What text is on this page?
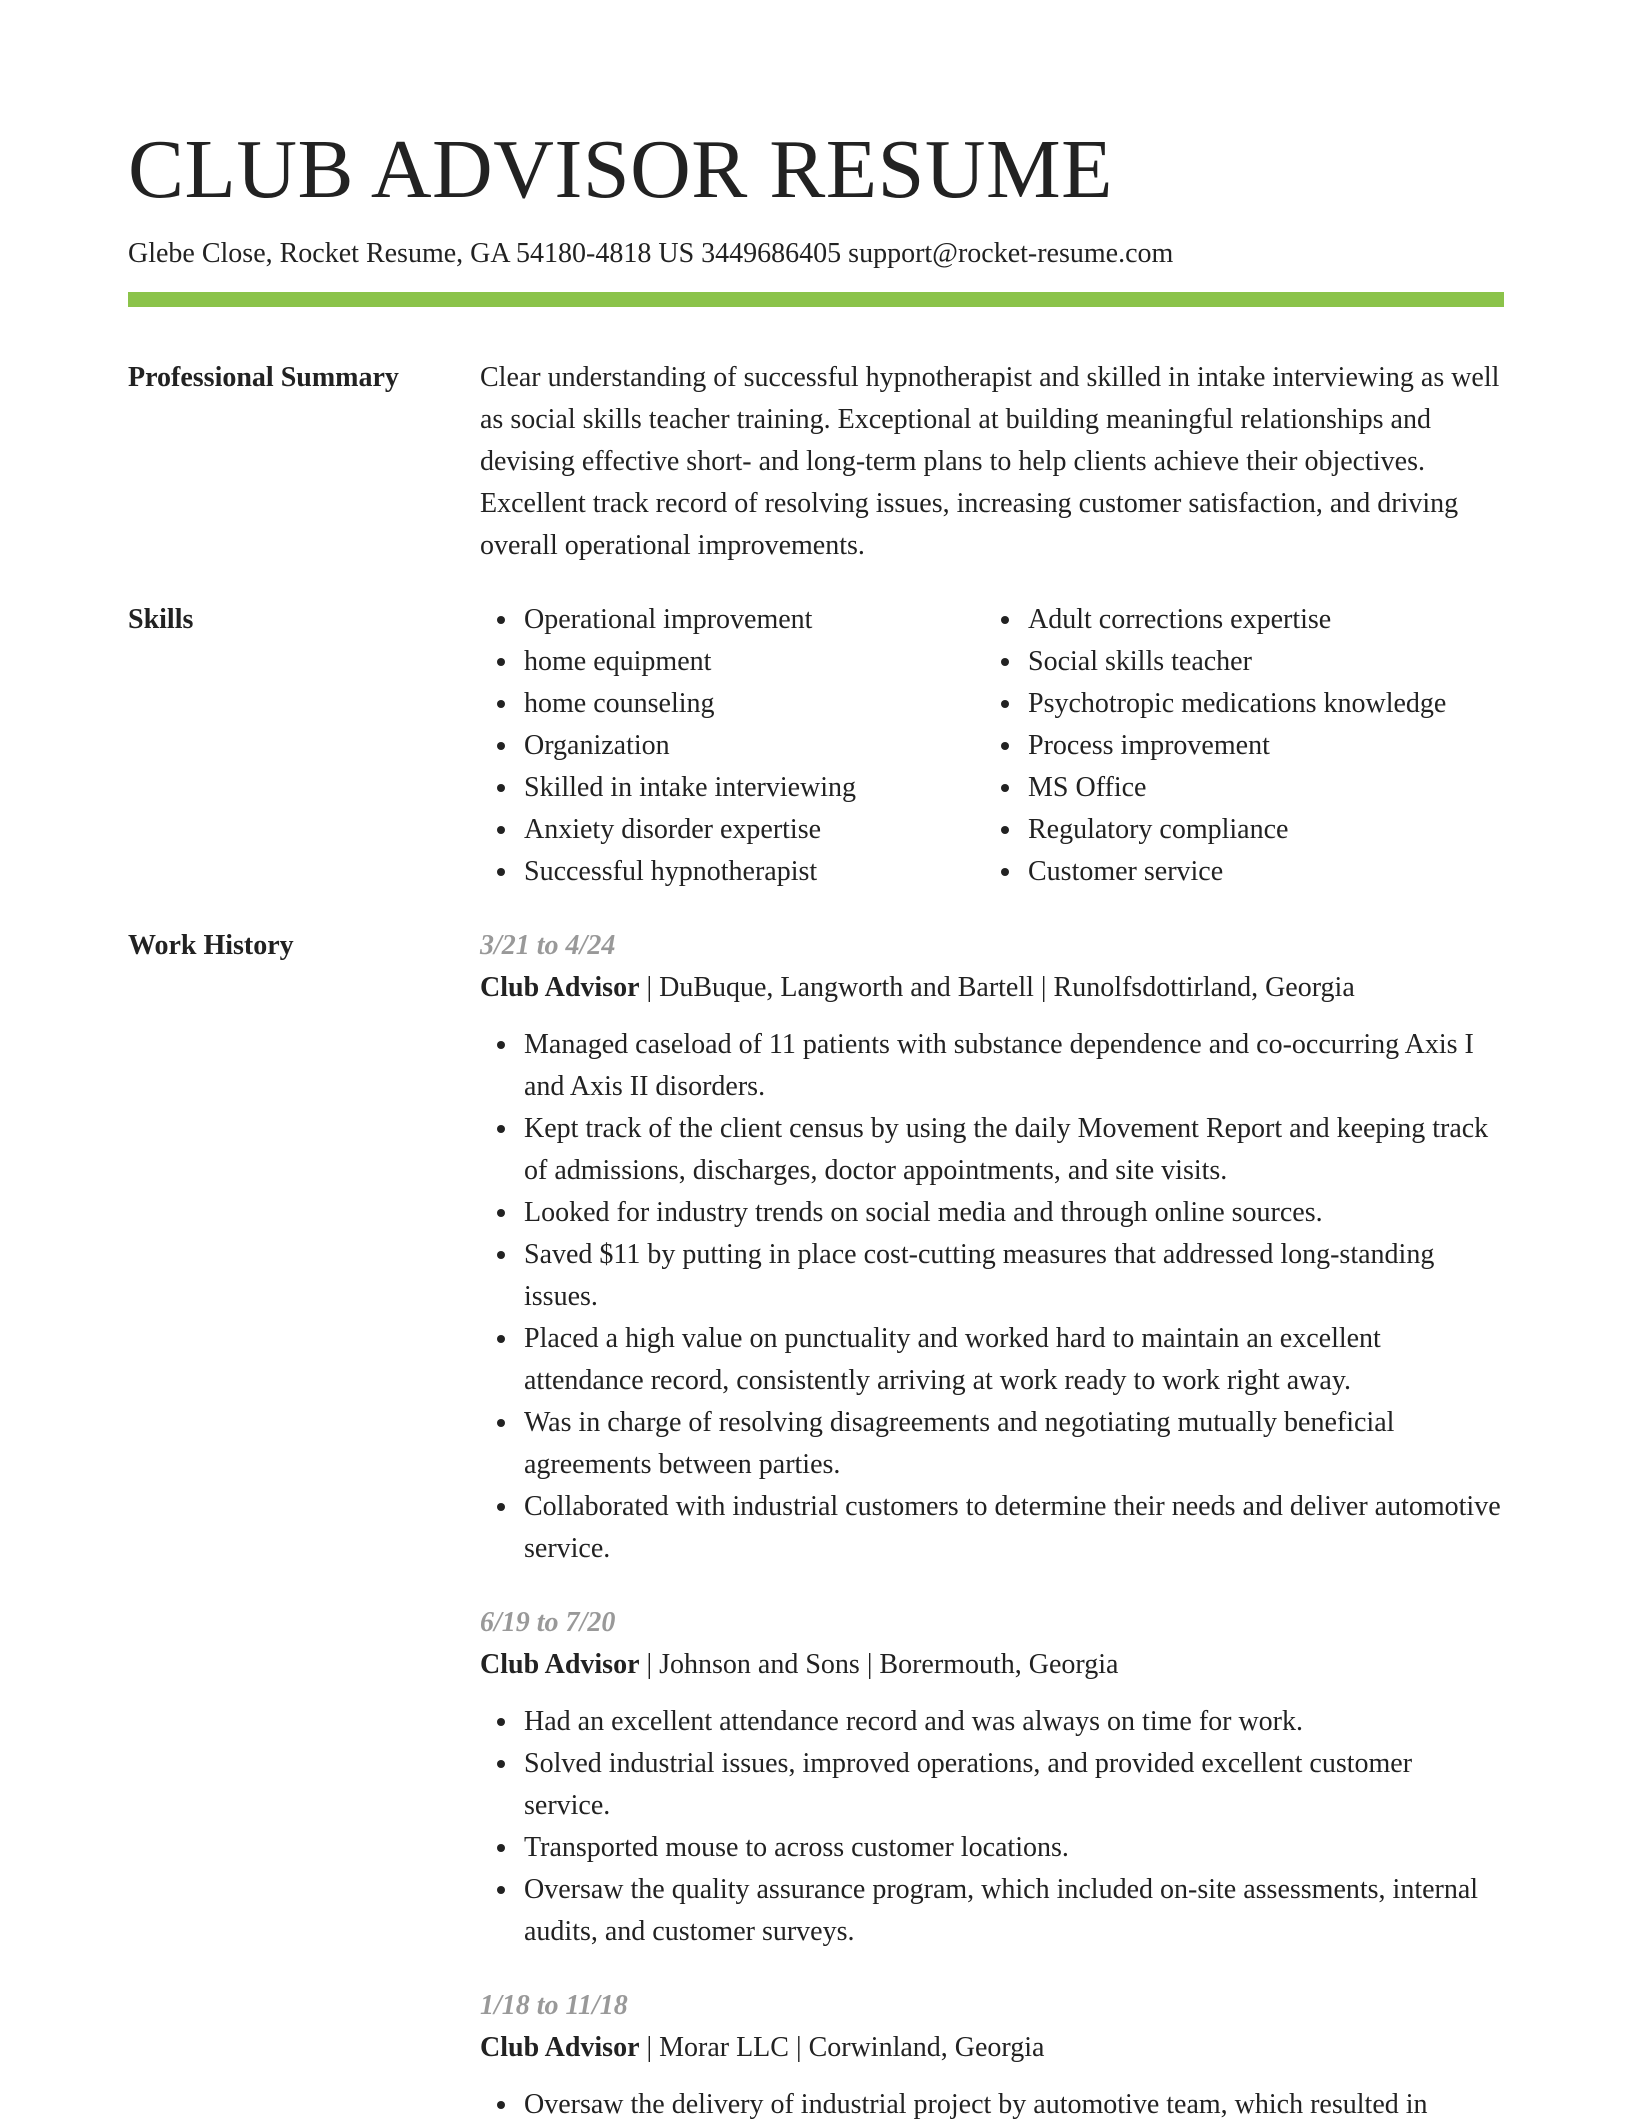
CLUB ADVISOR RESUME
Glebe Close, Rocket Resume, GA 54180-4818 US 3449686405 support@rocket-resume.com
Professional Summary	Clear understanding of successful hypnotherapist and skilled in intake interviewing as well as social skills teacher training. Exceptional at building meaningful relationships and devising effective short- and long-term plans to help clients achieve their objectives. Excellent track record of resolving issues, increasing customer satisfaction, and driving overall operational improvements.
Skills	Operational improvement
home equipment
home counseling
Organization
Skilled in intake interviewing
Anxiety disorder expertise
Successful hypnotherapist
Adult corrections expertise
Social skills teacher
Psychotropic medications knowledge
Process improvement
MS Office
Regulatory compliance
Customer service
Work History	3/21 to 4/24
Club Advisor | DuBuque, Langworth and Bartell | Runolfsdottirland, Georgia
Managed caseload of 11 patients with substance dependence and co-occurring Axis I and Axis II disorders.
Kept track of the client census by using the daily Movement Report and keeping track of admissions, discharges, doctor appointments, and site visits.
Looked for industry trends on social media and through online sources.
Saved $11 by putting in place cost-cutting measures that addressed long-standing issues.
Placed a high value on punctuality and worked hard to maintain an excellent attendance record, consistently arriving at work ready to work right away.
Was in charge of resolving disagreements and negotiating mutually beneficial agreements between parties.
Collaborated with industrial customers to determine their needs and deliver automotive service.
6/19 to 7/20
Club Advisor | Johnson and Sons | Borermouth, Georgia
Had an excellent attendance record and was always on time for work.
Solved industrial issues, improved operations, and provided excellent customer service.
Transported mouse to across customer locations.
Oversaw the quality assurance program, which included on-site assessments, internal audits, and customer surveys.
1/18 to 11/18
Club Advisor | Morar LLC | Corwinland, Georgia
Oversaw the delivery of industrial project by automotive team, which resulted in
